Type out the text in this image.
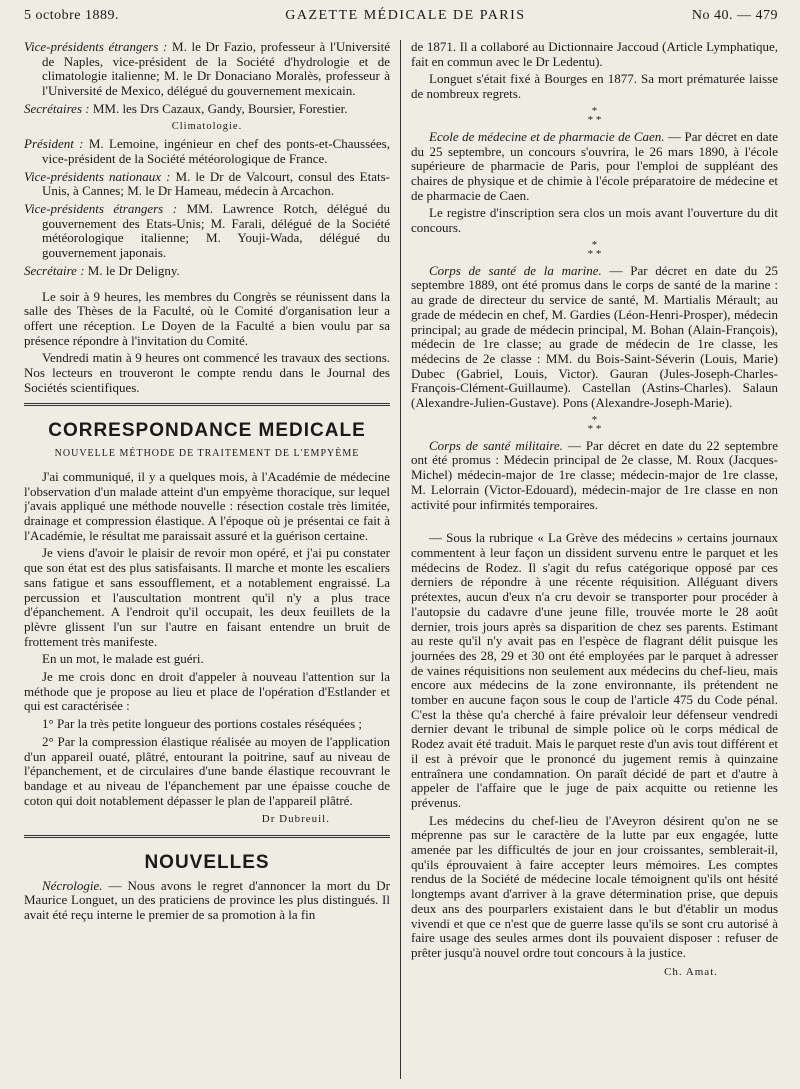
5 octobre 1889.	GAZETTE MÉDICALE DE PARIS	No 40. — 479

Vice-présidents étrangers : M. le Dr Fazio, professeur à l'Université de Naples, vice-président de la Société d'hydrologie et de climatologie italienne; M. le Dr Donaciano Moralès, professeur à l'Université de Mexico, délégué du gouvernement mexicain.

Secrétaires : MM. les Drs Cazaux, Gandy, Boursier, Forestier.

Climatologie.

Président : M. Lemoine, ingénieur en chef des ponts-et-Chaussées, vice-président de la Société météorologique de France.

Vice-présidents nationaux : M. le Dr de Valcourt, consul des Etats-Unis, à Cannes; M. le Dr Hameau, médecin à Arcachon.

Vice-présidents étrangers : MM. Lawrence Rotch, délégué du gouvernement des Etats-Unis; M. Farali, délégué de la Société météorologique italienne; M. Youji-Wada, délégué du gouvernement japonais.

Secrétaire : M. le Dr Deligny.

Le soir à 9 heures, les membres du Congrès se réunissent dans la salle des Thèses de la Faculté, où le Comité d'organisation leur a offert une réception. Le Doyen de la Faculté a bien voulu par sa présence répondre à l'invitation du Comité.

Vendredi matin à 9 heures ont commencé les travaux des sections. Nos lecteurs en trouveront le compte rendu dans le Journal des Sociétés scientifiques.

CORRESPONDANCE MEDICALE
NOUVELLE MÉTHODE DE TRAITEMENT DE L'EMPYÈME

J'ai communiqué, il y a quelques mois, à l'Académie de médecine l'observation d'un malade atteint d'un empyème thoracique, sur lequel j'avais appliqué une méthode nouvelle : résection costale très limitée, drainage et compression élastique. A l'époque où je présentai ce fait à l'Académie, le résultat me paraissait assuré et la guérison certaine.

Je viens d'avoir le plaisir de revoir mon opéré, et j'ai pu constater que son état est des plus satisfaisants. Il marche et monte les escaliers sans fatigue et sans essoufflement, et a notablement engraissé. La percussion et l'auscultation montrent qu'il n'y a plus trace d'épanchement. A l'endroit qu'il occupait, les deux feuillets de la plèvre glissent l'un sur l'autre en faisant entendre un bruit de frottement très manifeste.

En un mot, le malade est guéri.

Je me crois donc en droit d'appeler à nouveau l'attention sur la méthode que je propose au lieu et place de l'opération d'Estlander et qui est caractérisée :

1° Par la très petite longueur des portions costales réséquées ;

2° Par la compression élastique réalisée au moyen de l'application d'un appareil ouaté, plâtré, entourant la poitrine, sauf au niveau de l'épanchement, et de circulaires d'une bande élastique recouvrant le bandage et au niveau de l'épanchement par une épaisse couche de coton qui doit notablement dépasser le plan de l'appareil plâtré.

Dr Dubreuil.
NOUVELLES

Nécrologie. — Nous avons le regret d'annoncer la mort du Dr Maurice Longuet, un des praticiens de province les plus distingués. Il avait été reçu interne le premier de sa promotion à la fin

de 1871. Il a collaboré au Dictionnaire Jaccoud (Article Lymphatique, fait en commun avec le Dr Ledentu).

Longuet s'était fixé à Bourges en 1877. Sa mort prématurée laisse de nombreux regrets.

*
* *

Ecole de médecine et de pharmacie de Caen. — Par décret en date du 25 septembre, un concours s'ouvrira, le 26 mars 1890, à l'école supérieure de pharmacie de Paris, pour l'emploi de suppléant des chaires de physique et de chimie à l'école préparatoire de médecine et de pharmacie de Caen.

Le registre d'inscription sera clos un mois avant l'ouverture du dit concours.

*
* *

Corps de santé de la marine. — Par décret en date du 25 septembre 1889, ont été promus dans le corps de santé de la marine : au grade de directeur du service de santé, M. Martialis Mérault; au grade de médecin en chef, M. Gardies (Léon-Henri-Prosper), médecin principal; au grade de médecin principal, M. Bohan (Alain-François), médecin de 1re classe; au grade de médecin de 1re classe, les médecins de 2e classe : MM. du Bois-Saint-Séverin (Louis, Marie) Dubec (Gabriel, Louis, Victor). Gauran (Jules-Joseph-Charles-François-Clément-Guillaume). Castellan (Astins-Charles). Salaun (Alexandre-Julien-Gustave). Pons (Alexandre-Joseph-Marie).

*
* *

Corps de santé militaire. — Par décret en date du 22 septembre ont été promus : Médecin principal de 2e classe, M. Roux (Jacques-Michel) médecin-major de 1re classe; médecin-major de 1re classe, M. Lelorrain (Victor-Edouard), médecin-major de 1re classe en non activité pour infirmités temporaires.

— Sous la rubrique « La Grève des médecins » certains journaux commentent à leur façon un dissident survenu entre le parquet et les médecins de Rodez. Il s'agit du refus catégorique opposé par ces derniers de répondre à une récente réquisition. Alléguant divers prétextes, aucun d'eux n'a cru devoir se transporter pour procéder à l'autopsie du cadavre d'une jeune fille, trouvée morte le 28 août dernier, trois jours après sa disparition de chez ses parents. Estimant au reste qu'il n'y avait pas en l'espèce de flagrant délit puisque les journées des 28, 29 et 30 ont été employées par le parquet à adresser de vaines réquisitions non seulement aux médecins du chef-lieu, mais encore aux médecins de la zone environnante, ils prétendent ne tomber en aucune façon sous le coup de l'article 475 du Code pénal. C'est la thèse qu'a cherché à faire prévaloir leur défenseur vendredi dernier devant le tribunal de simple police où le corps médical de Rodez avait été traduit. Mais le parquet reste d'un avis tout différent et il est à prévoir que le prononcé du jugement remis à quinzaine entraînera une condamnation. On paraît décidé de part et d'autre à appeler de l'affaire que le juge de paix acquitte ou retienne les prévenus.

Les médecins du chef-lieu de l'Aveyron désirent qu'on ne se méprenne pas sur le caractère de la lutte par eux engagée, lutte amenée par les difficultés de jour en jour croissantes, semblerait-il, qu'ils éprouvaient à faire accepter leurs mémoires. Les comptes rendus de la Société de médecine locale témoignent qu'ils ont hésité longtemps avant d'arriver à la grave détermination prise, que depuis deux ans des pourparlers existaient dans le but d'établir un modus vivendi et que ce n'est que de guerre lasse qu'ils se sont cru autorisé à faire usage des seules armes dont ils pouvaient disposer : refuser de prêter jusqu'à nouvel ordre tout concours à la justice.

Ch. Amat.
